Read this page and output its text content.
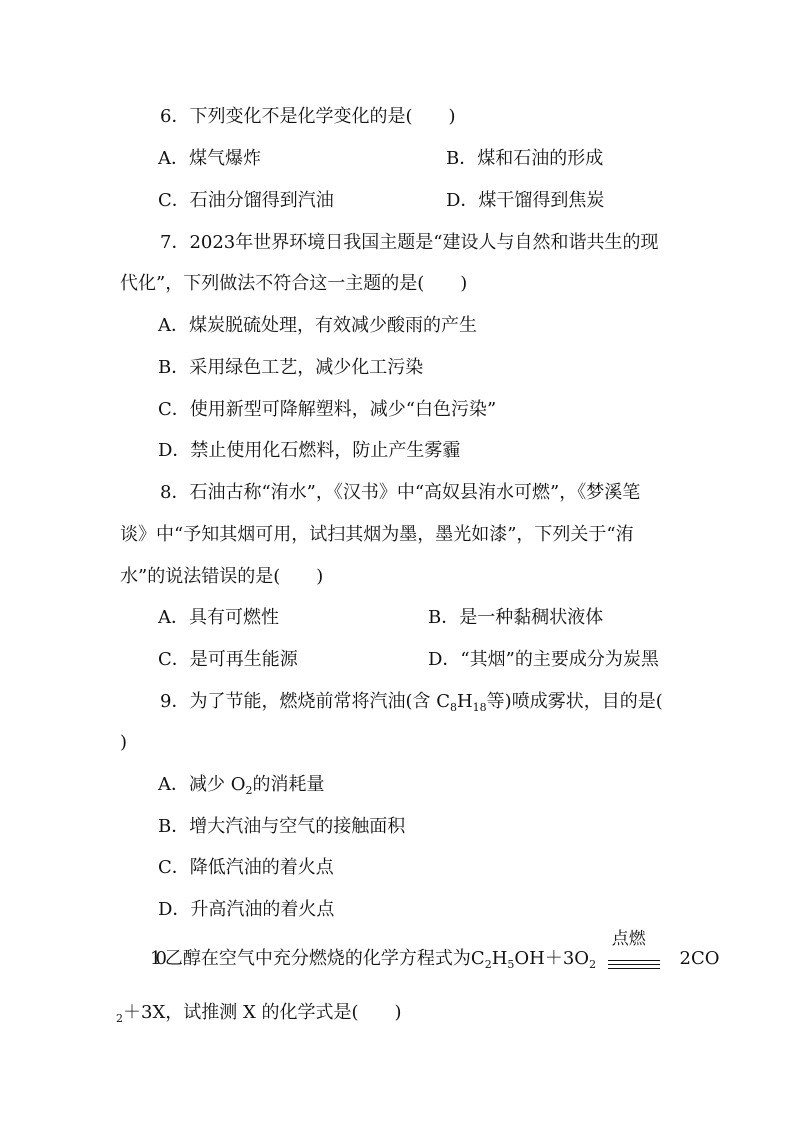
6．下列变化不是化学变化的是(　　)
A．煤气爆炸	B．煤和石油的形成
C．石油分馏得到汽油	D．煤干馏得到焦炭
7．2023年世界环境日我国主题是“建设人与自然和谐共生的现
代化”，下列做法不符合这一主题的是(　　)
A．煤炭脱硫处理，有效减少酸雨的产生
B．采用绿色工艺，减少化工污染
C．使用新型可降解塑料，减少“白色污染”
D．禁止使用化石燃料，防止产生雾霾
8．石油古称“洧水”，《汉书》中“高奴县洧水可燃”，《梦溪笔
谈》中“予知其烟可用，试扫其烟为墨，墨光如漆”，下列关于“洧
水”的说法错误的是(　　)
A．具有可燃性	B．是一种黏稠状液体
C．是可再生能源	D．“其烟”的主要成分为炭黑
9．为了节能，燃烧前常将汽油(含 $C_8H_{18}$等)喷成雾状，目的是(
)
A．减少 $O_2$的消耗量
B．增大汽油与空气的接触面积
C．降低汽油的着火点
D．升高汽油的着火点
10 乙醇在空气中充分燃烧的化学方程式为$C_2H_5OH+3O_2$
点燃
2CO
$_2$＋3X，试推测 X 的化学式是(　　)
